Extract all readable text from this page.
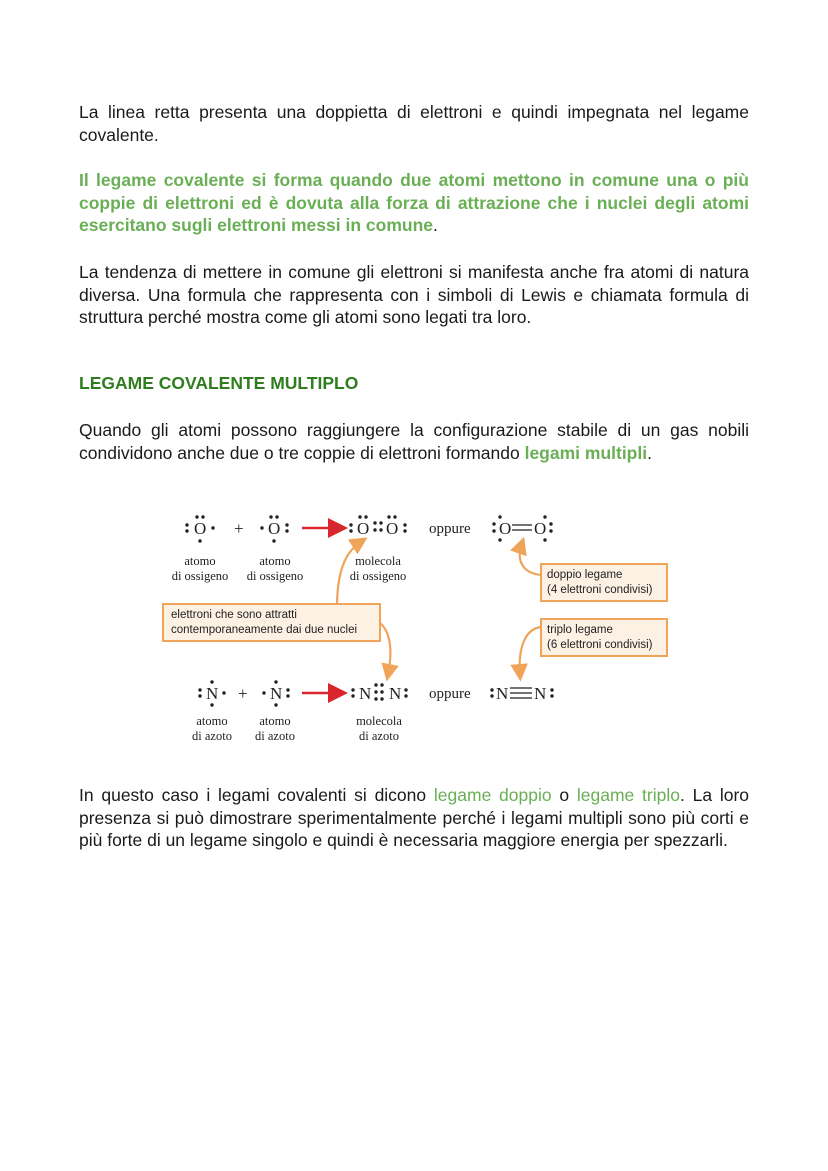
La linea retta presenta una doppietta di elettroni e quindi impegnata nel legame covalente.

Il legame covalente si forma quando due atomi mettono in comune una o più coppie di elettroni ed è dovuta alla forza di attrazione che i nuclei degli atomi esercitano sugli elettroni messi in comune.

La tendenza di mettere in comune gli elettroni si manifesta anche fra atomi di natura diversa. Una formula che rappresenta con i simboli di Lewis e chiamata formula di struttura perché mostra come gli atomi sono legati tra loro.

LEGAME COVALENTE MULTIPLO

Quando gli atomi possono raggiungere la configurazione stabile di un gas nobili condividono anche due o tre coppie di elettroni formando legami multipli.

O + O	O O oppure O O
atomo
di ossigeno
atomo
di ossigeno
molecola
di ossigeno
elettroni che sono attratti
contemporaneamente dai due nuclei
doppio legame
(4 elettroni condivisi)
triplo legame
(6 elettroni condivisi)
N + N	N N oppure N N
atomo
di azoto
atomo
di azoto
molecola
di azoto

In questo caso i legami covalenti si dicono legame doppio o legame triplo. La loro presenza si può dimostrare sperimentalmente perché i legami multipli sono più corti e più forte di un legame singolo e quindi è necessaria maggiore energia per spezzarli.
